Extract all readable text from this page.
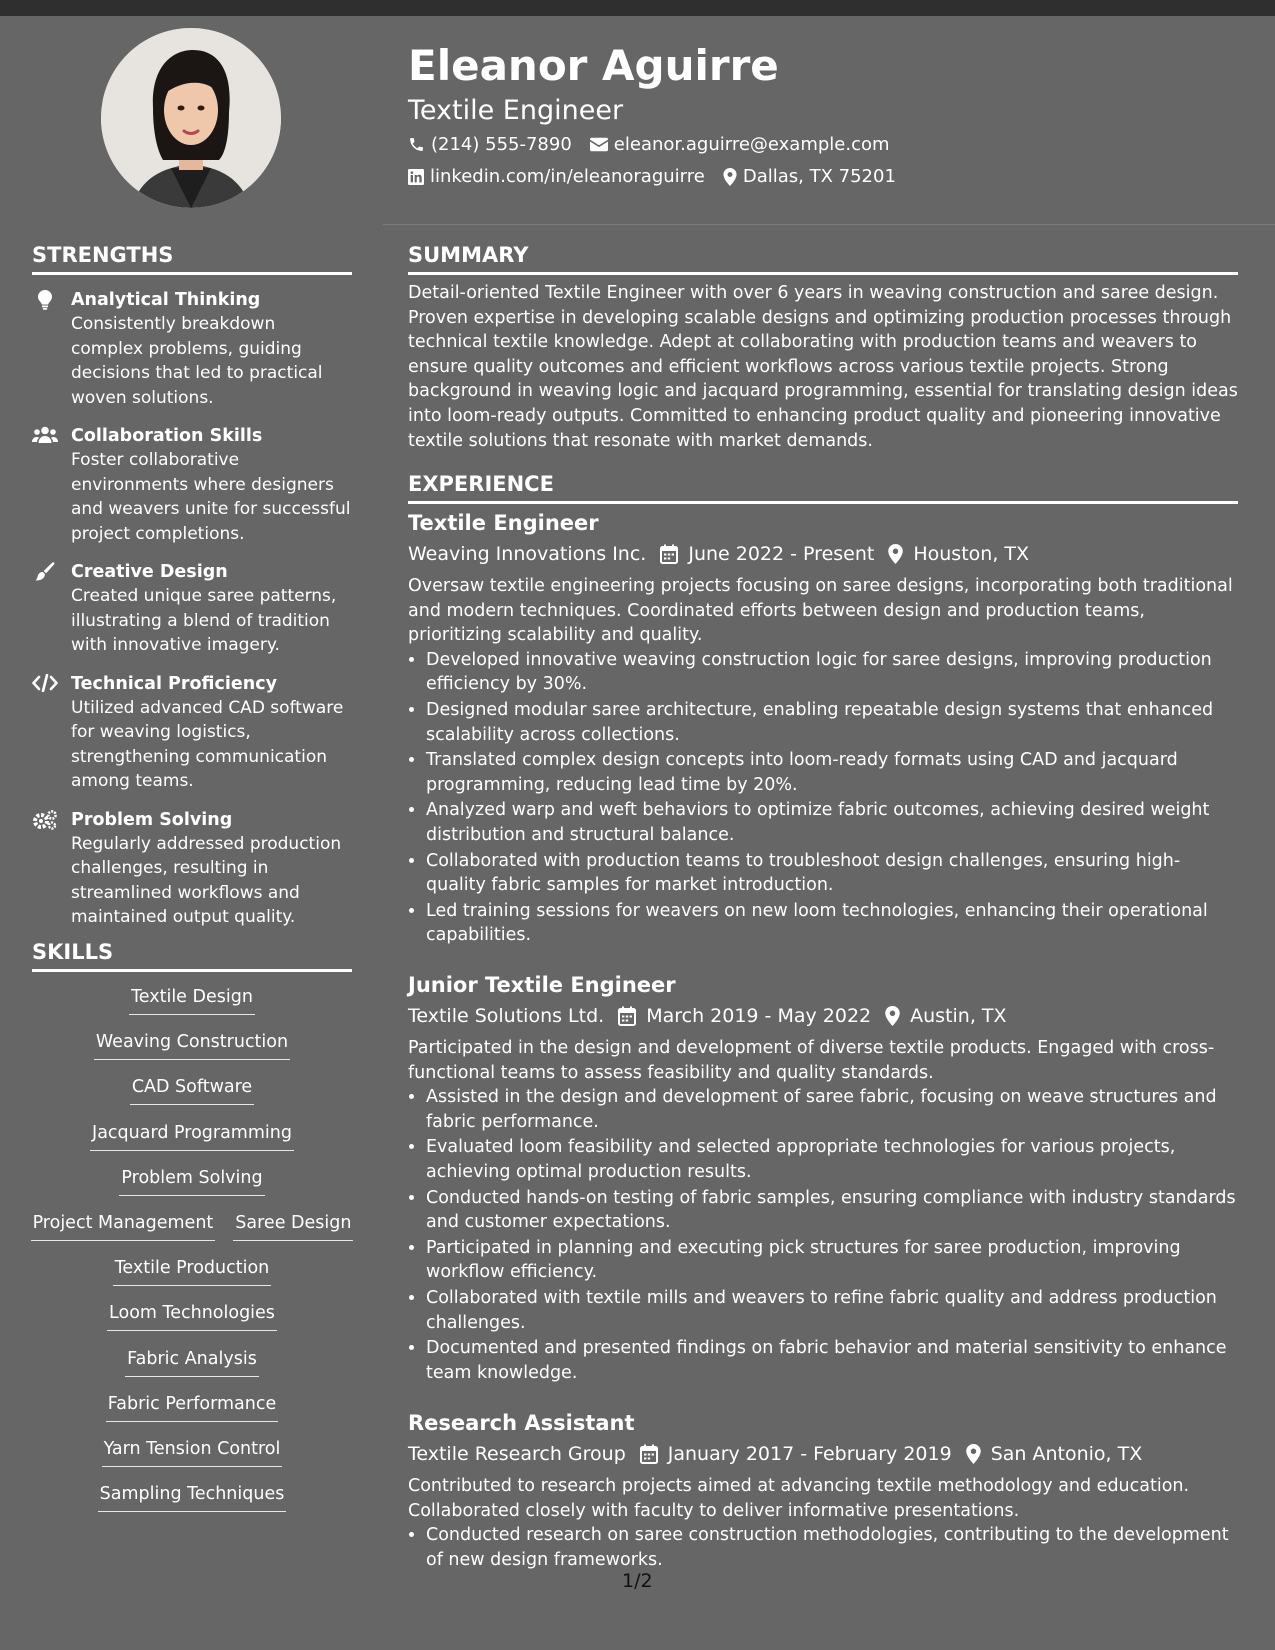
Eleanor Aguirre
Textile Engineer
(214) 555-7890 eleanor.aguirre@example.com
linkedin.com/in/eleanoraguirre Dallas, TX 75201
STRENGTHS
Analytical Thinking
Consistently breakdown complex problems, guiding decisions that led to practical woven solutions.
Collaboration Skills
Foster collaborative environments where designers and weavers unite for successful project completions.
Creative Design
Created unique saree patterns, illustrating a blend of tradition with innovative imagery.
Technical Proficiency
Utilized advanced CAD software for weaving logistics, strengthening communication among teams.
Problem Solving
Regularly addressed production challenges, resulting in streamlined workflows and maintained output quality.
SKILLS
Textile Design
Weaving Construction
CAD Software
Jacquard Programming
Problem Solving
Project Management Saree Design
Textile Production
Loom Technologies
Fabric Analysis
Fabric Performance
Yarn Tension Control
Sampling Techniques
SUMMARY
Detail-oriented Textile Engineer with over 6 years in weaving construction and saree design. Proven expertise in developing scalable designs and optimizing production processes through technical textile knowledge. Adept at collaborating with production teams and weavers to ensure quality outcomes and efficient workflows across various textile projects. Strong background in weaving logic and jacquard programming, essential for translating design ideas into loom-ready outputs. Committed to enhancing product quality and pioneering innovative textile solutions that resonate with market demands.
EXPERIENCE
Textile Engineer
Weaving Innovations Inc. June 2022 - Present Houston, TX
Oversaw textile engineering projects focusing on saree designs, incorporating both traditional and modern techniques. Coordinated efforts between design and production teams, prioritizing scalability and quality.
• Developed innovative weaving construction logic for saree designs, improving production efficiency by 30%.
• Designed modular saree architecture, enabling repeatable design systems that enhanced scalability across collections.
• Translated complex design concepts into loom-ready formats using CAD and jacquard programming, reducing lead time by 20%.
• Analyzed warp and weft behaviors to optimize fabric outcomes, achieving desired weight distribution and structural balance.
• Collaborated with production teams to troubleshoot design challenges, ensuring high-quality fabric samples for market introduction.
• Led training sessions for weavers on new loom technologies, enhancing their operational capabilities.
Junior Textile Engineer
Textile Solutions Ltd. March 2019 - May 2022 Austin, TX
Participated in the design and development of diverse textile products. Engaged with cross-functional teams to assess feasibility and quality standards.
• Assisted in the design and development of saree fabric, focusing on weave structures and fabric performance.
• Evaluated loom feasibility and selected appropriate technologies for various projects, achieving optimal production results.
• Conducted hands-on testing of fabric samples, ensuring compliance with industry standards and customer expectations.
• Participated in planning and executing pick structures for saree production, improving workflow efficiency.
• Collaborated with textile mills and weavers to refine fabric quality and address production challenges.
• Documented and presented findings on fabric behavior and material sensitivity to enhance team knowledge.
Research Assistant
Textile Research Group January 2017 - February 2019 San Antonio, TX
Contributed to research projects aimed at advancing textile methodology and education. Collaborated closely with faculty to deliver informative presentations.
• Conducted research on saree construction methodologies, contributing to the development of new design frameworks.
1/2
